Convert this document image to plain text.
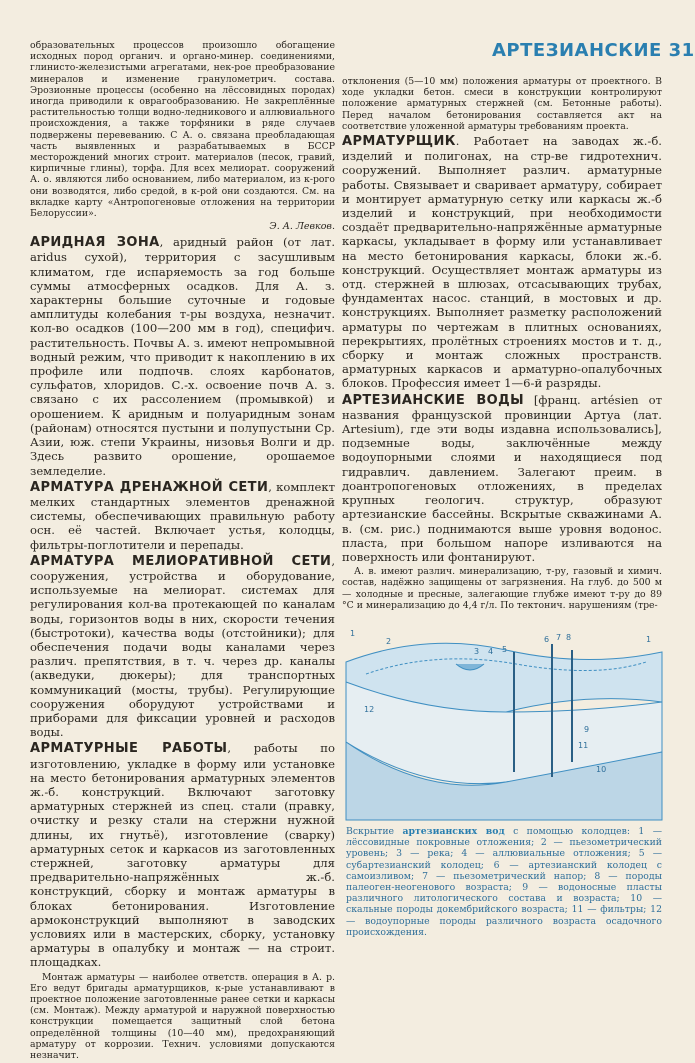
АРТЕЗИАНСКИЕ 31

образовательных процессов произошло обогащение исходных пород органич. и органо-минер. соединениями, глинисто-железистыми агрегатами, нек-рое преобразование минералов и изменение гранулометрич. состава. Эрозионные процессы (особенно на лёссовидных породах) иногда приводили к оврагообразованию. Не закреплённые растительностью толщи водно-ледникового и аллювиального происхождения, а также торфяники в ряде случаев подвержены перевеванию. С А. о. связана преобладающая часть выявленных и разрабатываемых в БССР месторождений многих строит. материалов (песок, гравий, кирпичные глины), торфа. Для всех мелиорат. сооружений А. о. являются либо основанием, либо материалом, из к-рого они возводятся, либо средой, в к-рой они создаются. См. на вкладке карту «Антропогеновые отложения на территории Белоруссии».

Э. А. Левков.

АРИДНАЯ ЗОНА, аридный район (от лат. aridus сухой), территория с засушливым климатом, где испаряемость за год больше суммы атмосферных осадков. Для А. з. характерны большие суточные и годовые амплитуды колебания т-ры воздуха, незначит. кол-во осадков (100—200 мм в год), специфич. растительность. Почвы А. з. имеют непромывной водный режим, что приводит к накоплению в их профиле или подпочв. слоях карбонатов, сульфатов, хлоридов. С.-х. освоение почв А. з. связано с их рассолением (промывкой) и орошением. К аридным и полуаридным зонам (районам) относятся пустыни и полупустыни Ср. Азии, юж. степи Украины, низовья Волги и др. Здесь развито орошение, орошаемое земледелие.

АРМАТУРА ДРЕНАЖНОЙ СЕТИ, комплект мелких стандартных элементов дренажной системы, обеспечивающих правильную работу осн. её частей. Включает устья, колодцы, фильтры-поглотители и перепады.

АРМАТУРА МЕЛИОРАТИВНОЙ СЕТИ, сооружения, устройства и оборудование, используемые на мелиорат. системах для регулирования кол-ва протекающей по каналам воды, горизонтов воды в них, скорости течения (быстротоки), качества воды (отстойники); для обеспечения подачи воды каналами через различ. препятствия, в т. ч. через др. каналы (акведуки, дюкеры); для транспортных коммуникаций (мосты, трубы). Регулирующие сооружения оборудуют устройствами и приборами для фиксации уровней и расходов воды.

АРМАТУРНЫЕ РАБОТЫ, работы по изготовлению, укладке в форму или установке на место бетонирования арматурных элементов ж.-б. конструкций. Включают заготовку арматурных стержней из спец. стали (правку, очистку и резку стали на стержни нужной длины, их гнутьё), изготовление (сварку) арматурных сеток и каркасов из заготовленных стержней, заготовку арматуры для предварительно-напряжённых ж.-б. конструкций, сборку и монтаж арматуры в блоках бетонирования. Изготовление армоконструкций выполняют в заводских условиях или в мастерских, сборку, установку арматуры в опалубку и монтаж — на строит. площадках.

Монтаж арматуры — наиболее ответств. операция в А. р. Его ведут бригады арматурщиков, к-рые устанавливают в проектное положение заготовленные ранее сетки и каркасы (см. Монтаж). Между арматурой и наружной поверхностью конструкции помещается защитный слой бетона определённой толщины (10—40 мм), предохраняющий арматуру от коррозии. Технич. условиями допускаются незначит.

отклонения (5—10 мм) положения арматуры от проектного. В ходе укладки бетон. смеси в конструкции контролируют положение арматурных стержней (см. Бетонные работы). Перед началом бетонирования составляется акт на соответствие уложенной арматуры требованиям проекта.

АРМАТУРЩИК. Работает на заводах ж.-б. изделий и полигонах, на стр-ве гидротехнич. сооружений. Выполняет различ. арматурные работы. Связывает и сваривает арматуру, собирает и монтирует арматурную сетку или каркасы ж.-б изделий и конструкций, при необходимости создаёт предварительно-напряжённые арматурные каркасы, укладывает в форму или устанавливает на место бетонирования каркасы, блоки ж.-б. конструкций. Осуществляет монтаж арматуры из отд. стержней в шлюзах, отсасывающих трубах, фундаментах насос. станций, в мостовых и др. конструкциях. Выполняет разметку расположений арматуры по чертежам в плитных основаниях, перекрытиях, пролётных строениях мостов и т. д., сборку и монтаж сложных пространств. арматурных каркасов и арматурно-опалубочных блоков. Профессия имеет 1—6-й разряды.

АРТЕЗИАНСКИЕ ВОДЫ [франц. artésien от названия французской провинции Артуа (лат. Artesium), где эти воды издавна использовались], подземные воды, заключённые между водоупорными слоями и находящиеся под гидравлич. давлением. Залегают преим. в доантропогеновых отложениях, в пределах крупных геологич. структур, образуют артезианские бассейны. Вскрытые скважинами А. в. (см. рис.) поднимаются выше уровня водонос. пласта, при большом напоре изливаются на поверхность или фонтанируют.

А. в. имеют различ. минерализацию, т-ру, газовый и химич. состав, надёжно защищены от загрязнения. На глуб. до 500 м — холодные и пресные, залегающие глубже имеют т-ру до 89 °C и минерализацию до 4,4 г/л. По тектонич. нарушениям (тре-

1
2
3 4 5
6 7 8
9
10
11
12
1
Вскрытие артезианских вод с помощью колодцев: 1 — лёссовидные покровные отложения; 2 — пьезометрический уровень; 3 — река; 4 — аллювиальные отложения; 5 — субартезианский колодец; 6 — артезианский колодец с самоизливом; 7 — пьезометрический напор; 8 — породы палеоген-неогенового возраста; 9 — водоносные пласты различного литологического состава и возраста; 10 — скальные породы докембрийского возраста; 11 — фильтры; 12 — водоупорные породы различного возраста осадочного происхождения.
